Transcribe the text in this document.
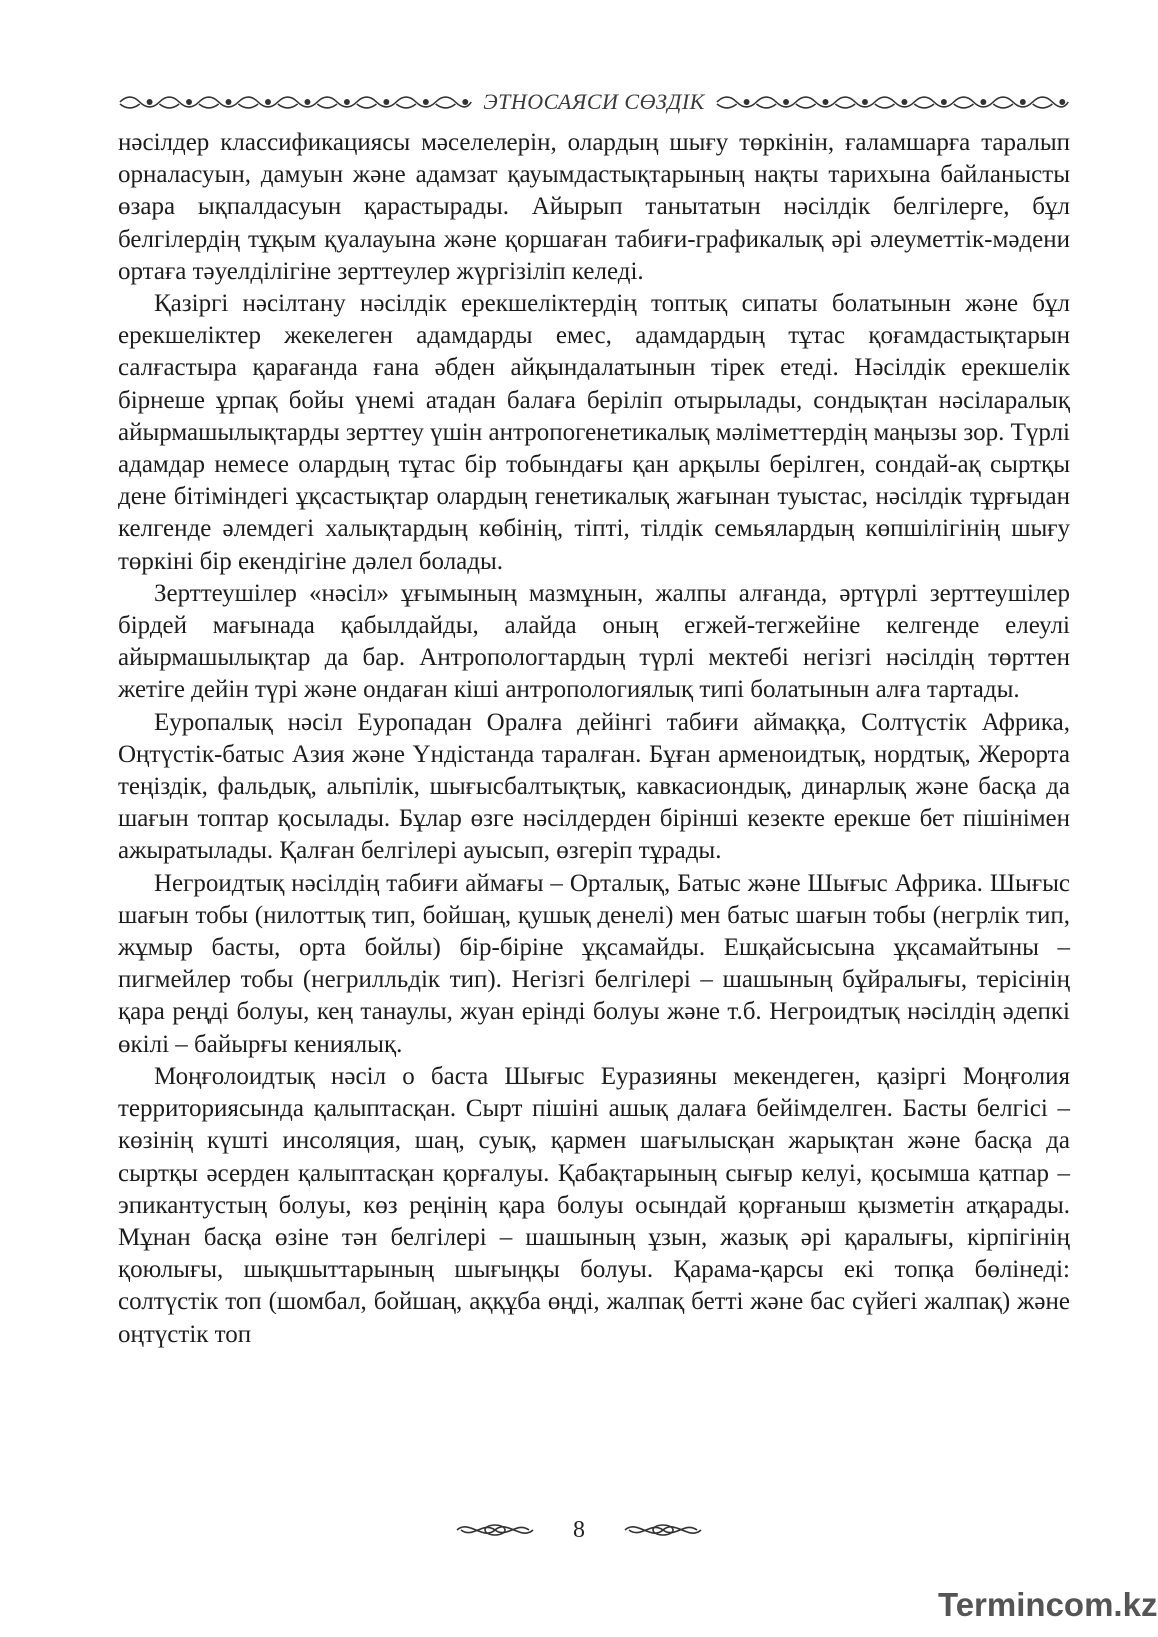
ЭТНОСАЯСИ СӨЗДІК

нәсілдер классификациясы мәселелерін, олардың шығу төркінін, ғаламшарға таралып орналасуын, дамуын және адамзат қауымдастықтарының нақты тарихына байланысты өзара ықпалдасуын қарастырады. Айырып танытатын нәсілдік белгілерге, бұл белгілердің тұқым қуалауына және қоршаған табиғи-графикалық әрі әлеуметтік-мәдени ортаға тәуелділігіне зерттеулер жүргізіліп келеді.

Қазіргі нәсілтану нәсілдік ерекшеліктердің топтық сипаты болатынын және бұл ерекшеліктер жекелеген адамдарды емес, адамдардың тұтас қоғамдастықтарын салғастыра қарағанда ғана әбден айқындалатынын тірек етеді. Нәсілдік ерекшелік бірнеше ұрпақ бойы үнемі атадан балаға беріліп отырылады, сондықтан нәсіларалық айырмашылықтарды зерттеу үшін антропогенетикалық мәліметтердің маңызы зор. Түрлі адамдар немесе олардың тұтас бір тобындағы қан арқылы берілген, сондай-ақ сыртқы дене бітіміндегі ұқсастықтар олардың генетикалық жағынан туыстас, нәсілдік тұрғыдан келгенде әлемдегі халықтардың көбінің, тіпті, тілдік семьялардың көпшілігінің шығу төркіні бір екендігіне дәлел болады.

Зерттеушілер «нәсіл» ұғымының мазмұнын, жалпы алғанда, әртүрлі зерттеушілер бірдей мағынада қабылдайды, алайда оның егжей-тегжейіне келгенде елеулі айырмашылықтар да бар. Антропологтардың түрлі мектебі негізгі нәсілдің төрттен жетіге дейін түрі және ондаған кіші антропологиялық типі болатынын алға тартады.

Еуропалық нәсіл Еуропадан Оралға дейінгі табиғи аймаққа, Солтүстік Африка, Оңтүстік-батыс Азия және Үндістанда таралған. Бұған арменоидтық, нордтық, Жерорта теңіздік, фальдық, альпілік, шығысбалтықтық, кавкасиондық, динарлық және басқа да шағын топтар қосылады. Бұлар өзге нәсілдерден бірінші кезекте ерекше бет пішінімен ажыратылады. Қалған белгілері ауысып, өзгеріп тұрады.

Негроидтық нәсілдің табиғи аймағы – Орталық, Батыс және Шығыс Африка. Шығыс шағын тобы (нилоттық тип, бойшаң, қушық денелі) мен батыс шағын тобы (негрлік тип, жұмыр басты, орта бойлы) бір-біріне ұқсамайды. Ешқайсысына ұқсамайтыны – пигмейлер тобы (негрилльдік тип). Негізгі белгілері – шашының бұйралығы, терісінің қара реңді болуы, кең танаулы, жуан ерінді болуы және т.б. Негроидтық нәсілдің әдепкі өкілі – байырғы кениялық.

Моңғолоидтық нәсіл о баста Шығыс Еуразияны мекендеген, қазіргі Моңғолия территориясында қалыптасқан. Сырт пішіні ашық далаға бейімделген. Басты белгісі – көзінің күшті инсоляция, шаң, суық, қармен шағылысқан жарықтан және басқа да сыртқы әсерден қалыптасқан қорғалуы. Қабақтарының сығыр келуі, қосымша қатпар – эпикантустың болуы, көз реңінің қара болуы осындай қорғаныш қызметін атқарады. Мұнан басқа өзіне тән белгілері – шашының ұзын, жазық әрі қаралығы, кірпігінің қоюлығы, шықшыттарының шығыңқы болуы. Қарама-қарсы екі топқа бөлінеді: солтүстік топ (шомбал, бойшаң, аққұба өңді, жалпақ бетті және бас сүйегі жалпақ) және оңтүстік топ

8
Termincom.kz
